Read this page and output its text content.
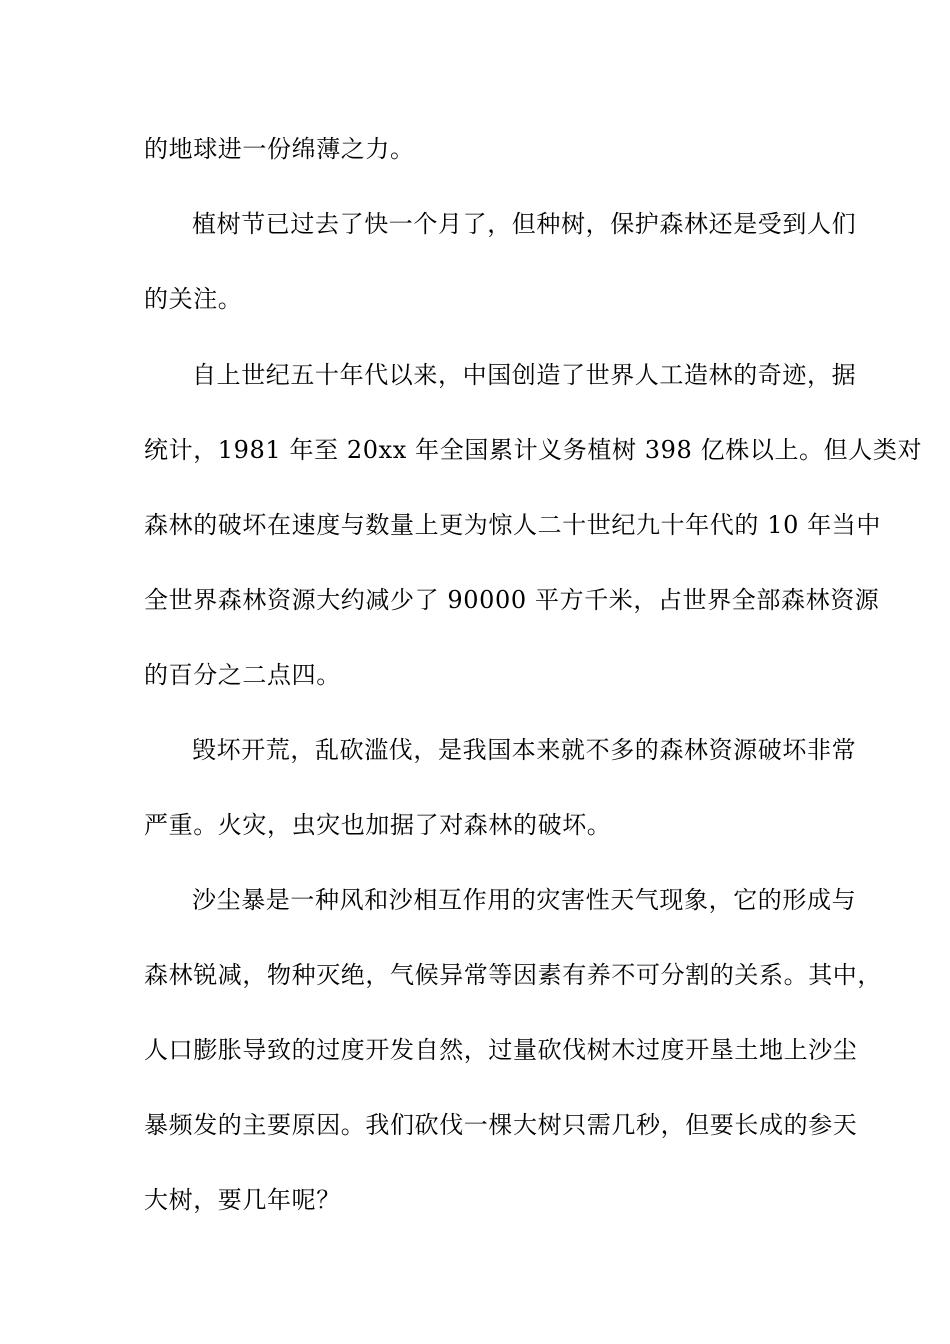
的地球进一份绵薄之力。
植树节已过去了快一个月了，但种树，保护森林还是受到人们
的关注。
自上世纪五十年代以来，中国创造了世界人工造林的奇迹，据
统计，1981 年至 20xx 年全国累计义务植树 398 亿株以上。但人类对
森林的破坏在速度与数量上更为惊人二十世纪九十年代的 10 年当中
全世界森林资源大约减少了 90000 平方千米，占世界全部森林资源
的百分之二点四。
毁坏开荒，乱砍滥伐，是我国本来就不多的森林资源破坏非常
严重。火灾，虫灾也加据了对森林的破坏。
沙尘暴是一种风和沙相互作用的灾害性天气现象，它的形成与
森林锐减，物种灭绝，气候异常等因素有养不可分割的关系。其中，
人口膨胀导致的过度开发自然，过量砍伐树木过度开垦土地上沙尘
暴频发的主要原因。我们砍伐一棵大树只需几秒，但要长成的参天
大树，要几年呢？
